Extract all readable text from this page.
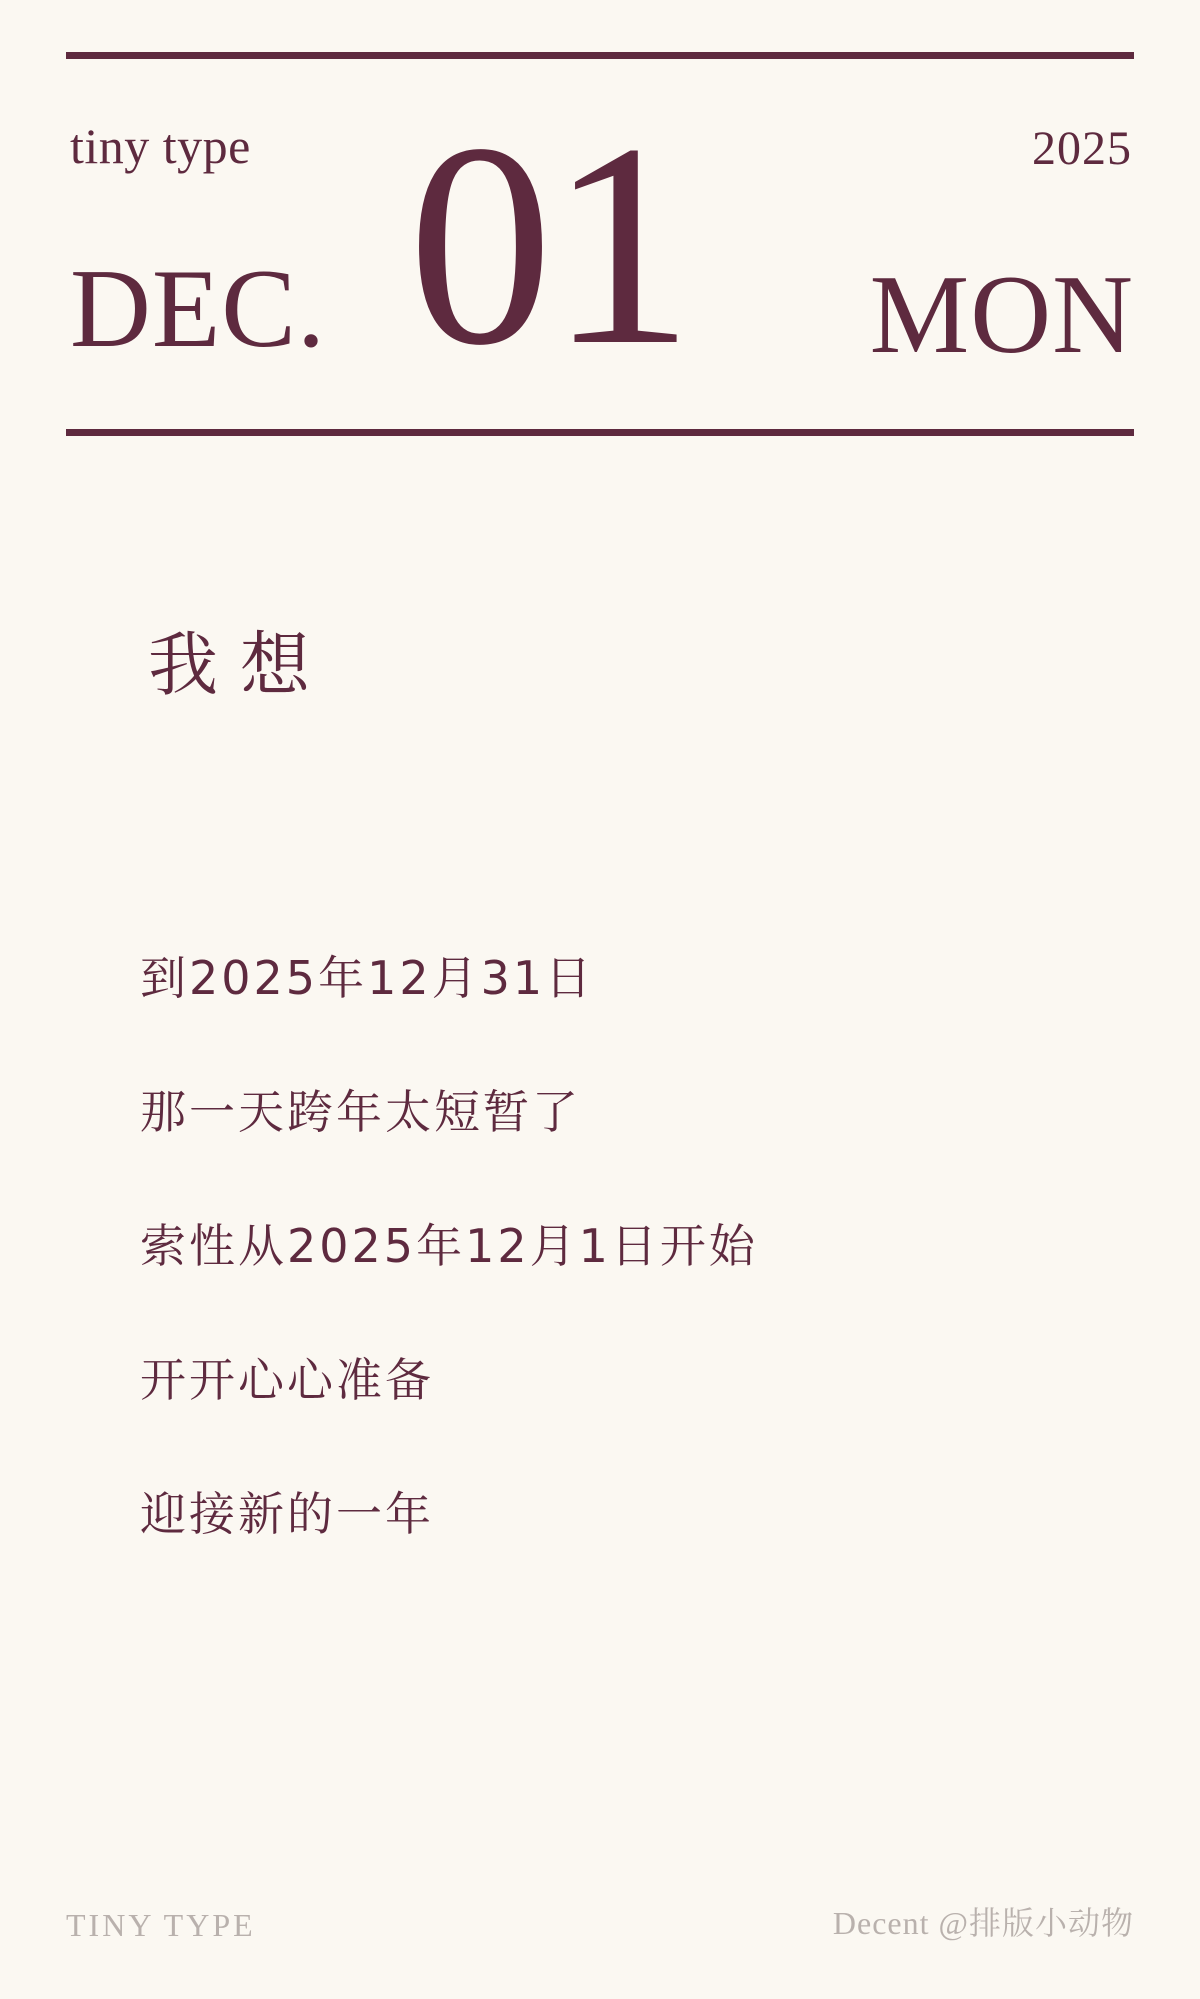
tiny type	2025
DEC. 01 MON
我想
到2025年12月31日
那一天跨年太短暂了
索性从2025年12月1日开始
开开心心准备
迎接新的一年
TINY TYPE	Decent @排版小动物
